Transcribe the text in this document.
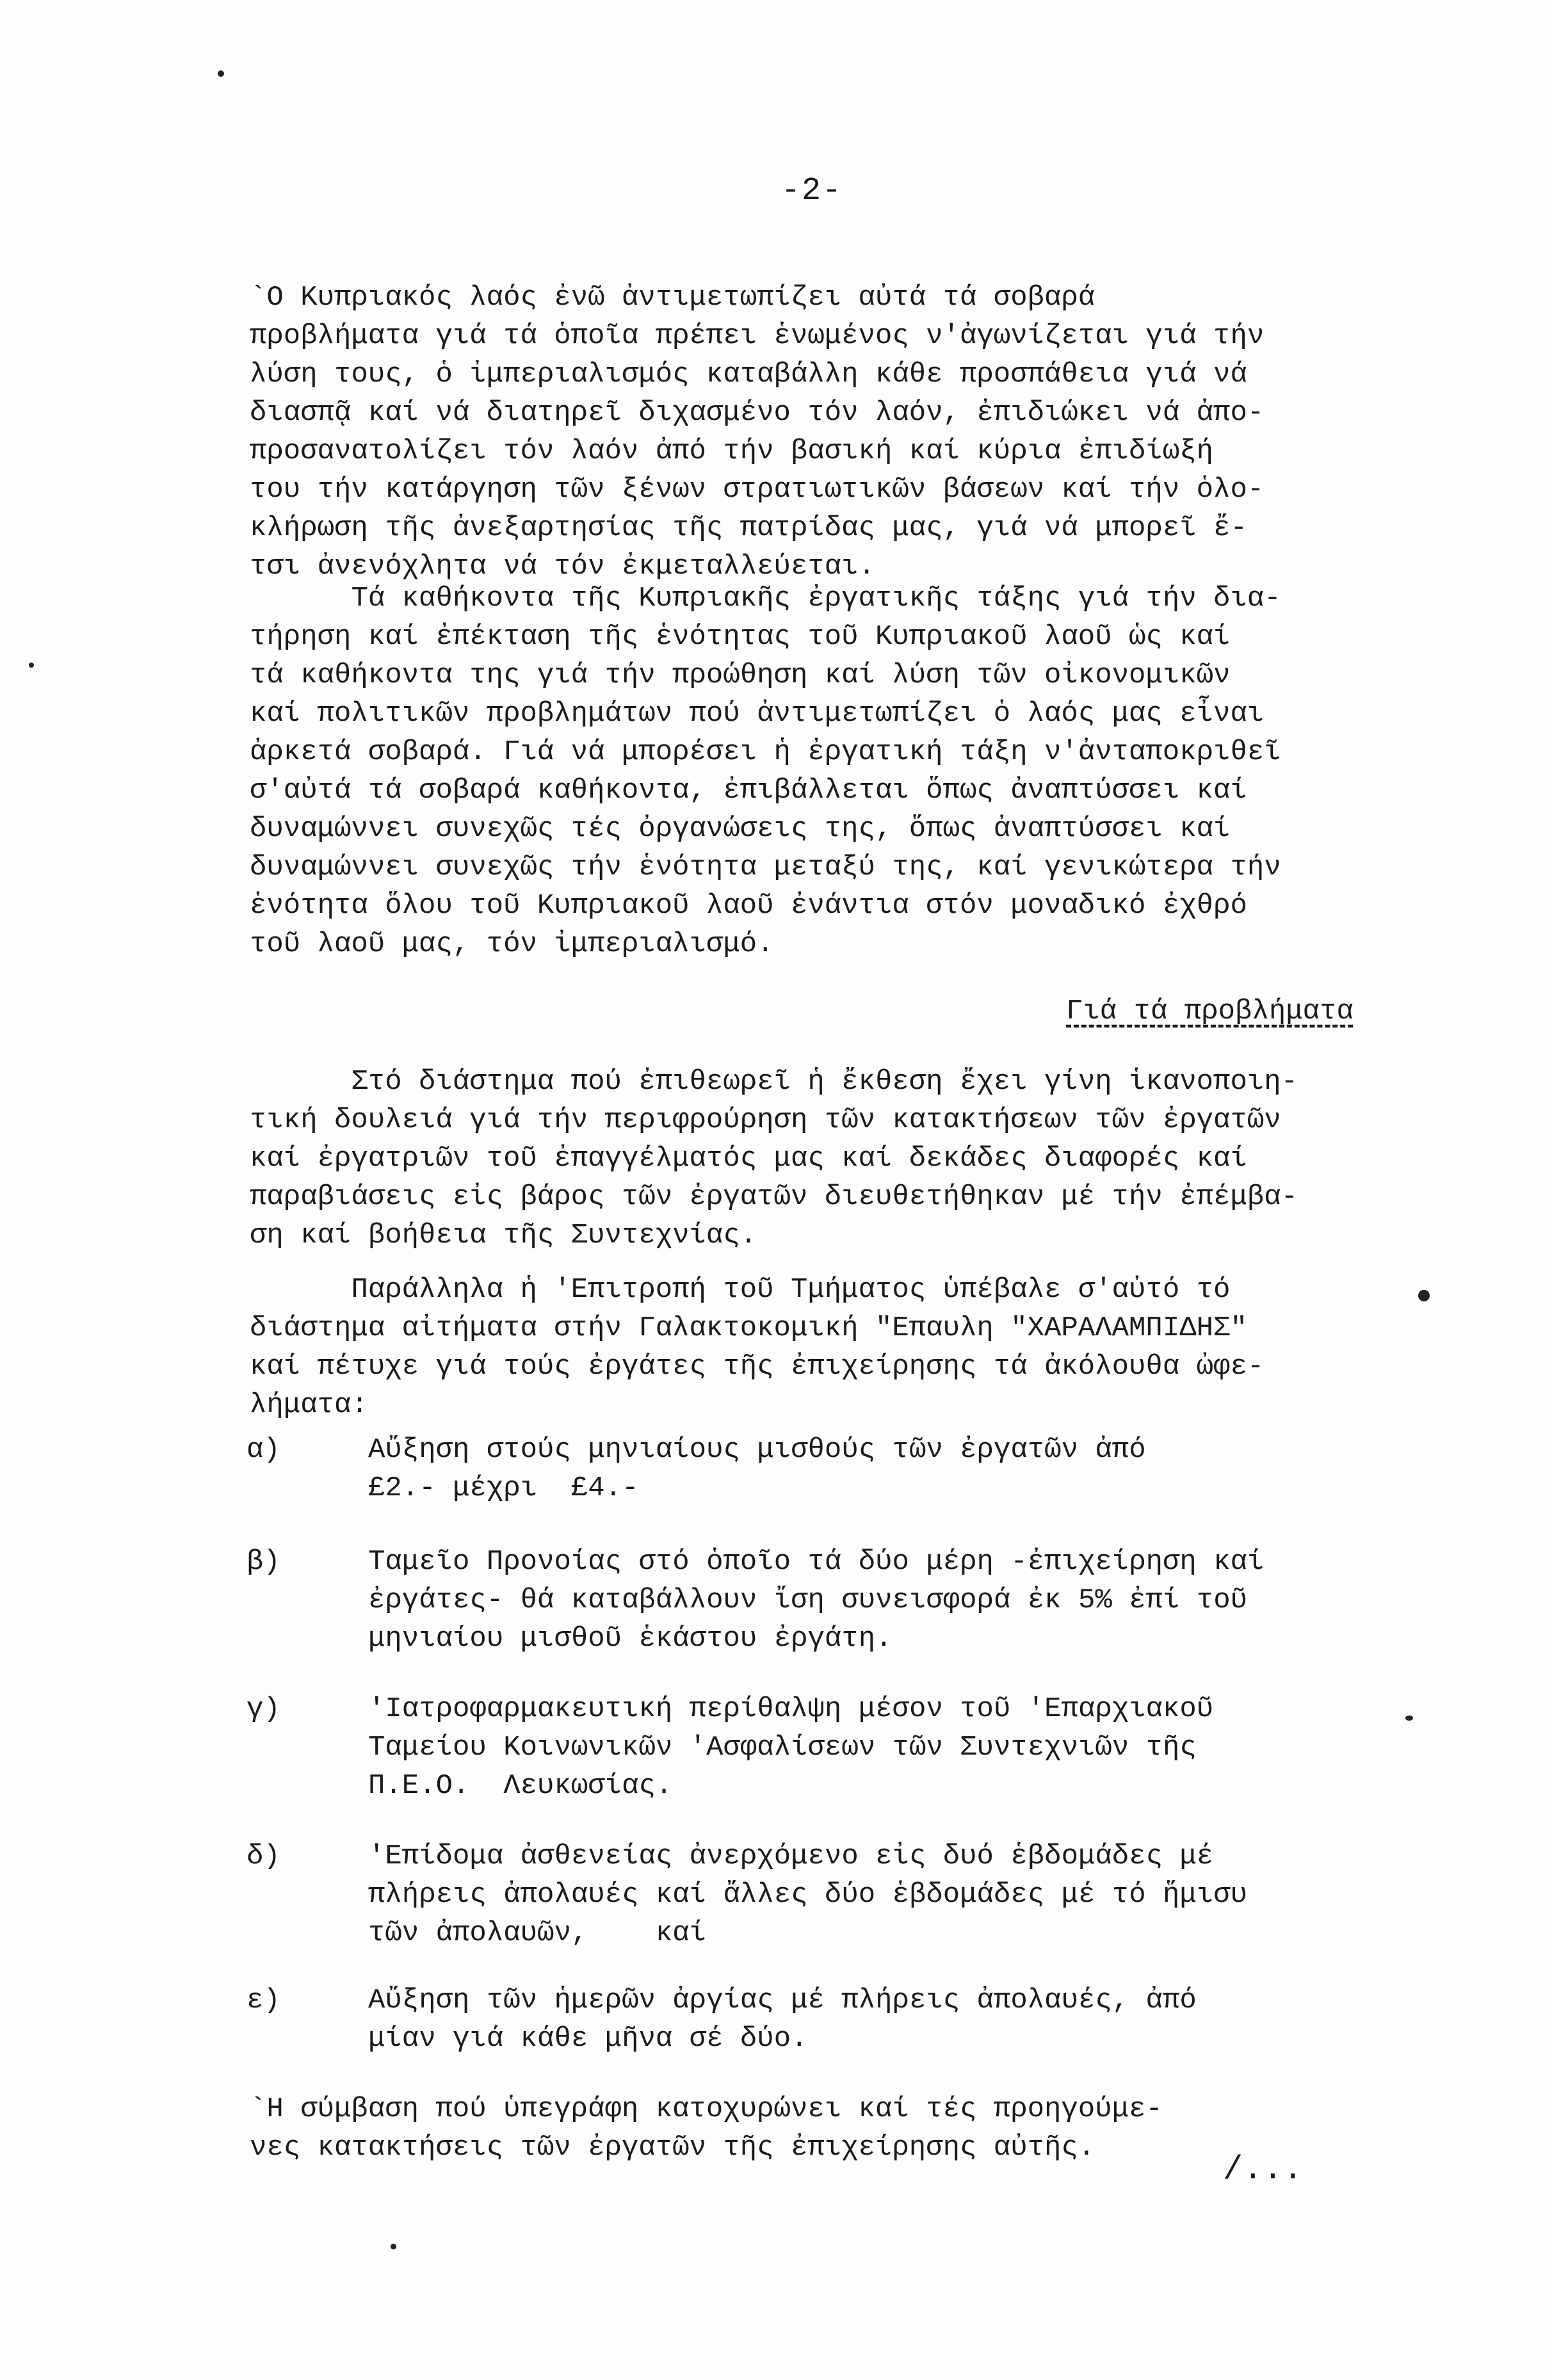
-2-

`Ο Κυπριακός λαός ἐνῶ ἀντιμετωπίζει αὐτά τά σοβαρά
προβλήματα γιά τά ὁποῖα πρέπει ἑνωμένος ν'ἀγωνίζεται γιά τήν
λύση τους, ὁ ἰμπεριαλισμός καταβάλλη κάθε προσπάθεια γιά νά
διασπᾷ καί νά διατηρεῖ διχασμένο τόν λαόν, ἐπιδιώκει νά ἀπο-
προσανατολίζει τόν λαόν ἀπό τήν βασική καί κύρια ἐπιδίωξή
του τήν κατάργηση τῶν ξένων στρατιωτικῶν βάσεων καί τήν ὁλο-
κλήρωση τῆς ἀνεξαρτησίας τῆς πατρίδας μας, γιά νά μπορεῖ ἔ-
τσι ἀνενόχλητα νά τόν ἐκμεταλλεύεται.

Τά καθήκοντα τῆς Κυπριακῆς ἐργατικῆς τάξης γιά τήν δια-
τήρηση καί ἐπέκταση τῆς ἑνότητας τοῦ Κυπριακοῦ λαοῦ ὡς καί
τά καθήκοντα της γιά τήν προώθηση καί λύση τῶν οἰκονομικῶν
καί πολιτικῶν προβλημάτων πού ἀντιμετωπίζει ὁ λαός μας εἶναι
ἀρκετά σοβαρά. Γιά νά μπορέσει ἡ ἐργατική τάξη ν'ἀνταποκριθεῖ
σ'αὐτά τά σοβαρά καθήκοντα, ἐπιβάλλεται ὅπως ἀναπτύσσει καί
δυναμώννει συνεχῶς τές ὀργανώσεις της, ὅπως ἀναπτύσσει καί
δυναμώννει συνεχῶς τήν ἑνότητα μεταξύ της, καί γενικώτερα τήν
ἑνότητα ὅλου τοῦ Κυπριακοῦ λαοῦ ἐνάντια στόν μοναδικό ἐχθρό
τοῦ λαοῦ μας, τόν ἰμπεριαλισμό.

Γιά τά προβλήματα

Στό διάστημα πού ἐπιθεωρεῖ ἡ ἔκθεση ἔχει γίνη ἱκανοποιη-
τική δουλειά γιά τήν περιφρούρηση τῶν κατακτήσεων τῶν ἐργατῶν
καί ἐργατριῶν τοῦ ἐπαγγέλματός μας καί δεκάδες διαφορές καί
παραβιάσεις εἰς βάρος τῶν ἐργατῶν διευθετήθηκαν μέ τήν ἐπέμβα-
ση καί βοήθεια τῆς Συντεχνίας.

Παράλληλα ἡ 'Επιτροπή τοῦ Τμήματος ὑπέβαλε σ'αὐτό τό
διάστημα αἰτήματα στήν Γαλακτοκομική "Επαυλη "ΧΑΡΑΛΑΜΠΙΔΗΣ"
καί πέτυχε γιά τούς ἐργάτες τῆς ἐπιχείρησης τά ἀκόλουθα ὠφε-
λήματα:

α)	Αὔξηση στούς μηνιαίους μισθούς τῶν ἐργατῶν ἀπό
£2.- μέχρι  £4.-
β)	Ταμεῖο Προνοίας στό ὁποῖο τά δύο μέρη -ἐπιχείρηση καί
ἐργάτες- θά καταβάλλουν ἴση συνεισφορά ἐκ 5% ἐπί τοῦ
μηνιαίου μισθοῦ ἑκάστου ἐργάτη.
γ)	'Ιατροφαρμακευτική περίθαλψη μέσον τοῦ 'Επαρχιακοῦ
Ταμείου Κοινωνικῶν 'Ασφαλίσεων τῶν Συντεχνιῶν τῆς
Π.Ε.Ο.  Λευκωσίας.
δ)	'Επίδομα ἀσθενείας ἀνερχόμενο εἰς δυό ἑβδομάδες μέ
πλήρεις ἀπολαυές καί ἄλλες δύο ἑβδομάδες μέ τό ἥμισυ
τῶν ἀπολαυῶν,    καί
ε)	Αὔξηση τῶν ἡμερῶν ἀργίας μέ πλήρεις ἀπολαυές, ἀπό
μίαν γιά κάθε μῆνα σέ δύο.

`Η σύμβαση πού ὑπεγράφη κατοχυρώνει καί τές προηγούμε-
νες κατακτήσεις τῶν ἐργατῶν τῆς ἐπιχείρησης αὐτῆς.

/...
